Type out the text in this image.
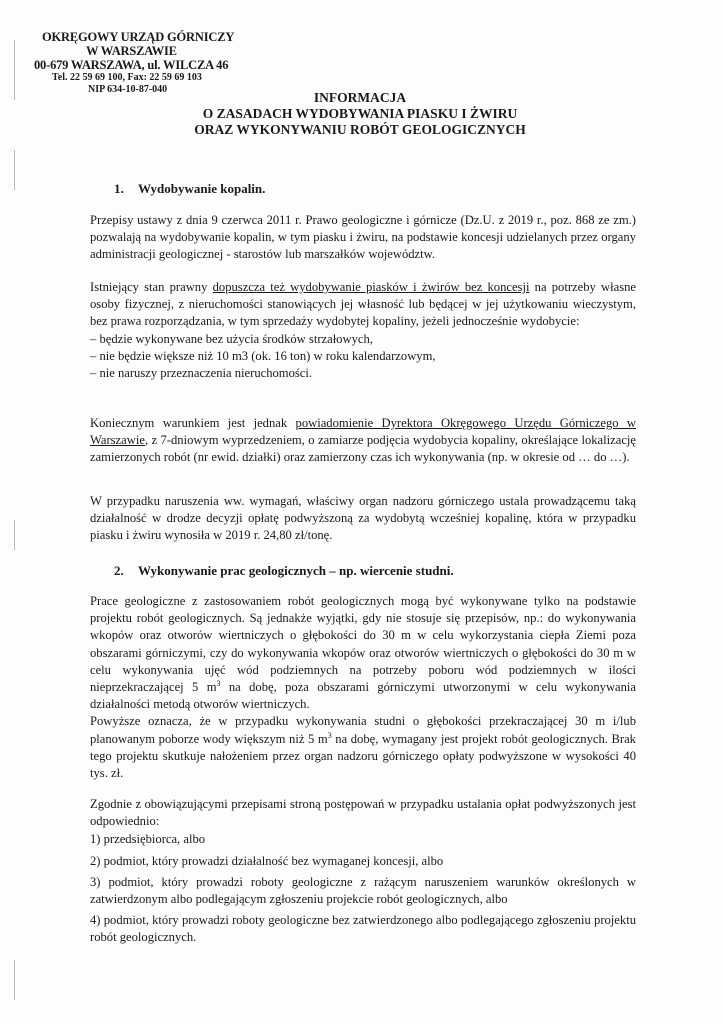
OKRĘGOWY URZĄD GÓRNICZY
W WARSZAWIE
00-679 WARSZAWA, ul. WILCZA 46
Tel. 22 59 69 100, Fax: 22 59 69 103
NIP 634-10-87-040
INFORMACJA
O ZASADACH WYDOBYWANIA PIASKU I ŻWIRU
ORAZ WYKONYWANIU ROBÓT GEOLOGICZNYCH
1. Wydobywanie kopalin.

Przepisy ustawy z dnia 9 czerwca 2011 r. Prawo geologiczne i górnicze (Dz.U. z 2019 r., poz. 868 ze zm.) pozwalają na wydobywanie kopalin, w tym piasku i żwiru, na podstawie koncesji udzielanych przez organy administracji geologicznej - starostów lub marszałków województw.

Istniejący stan prawny dopuszcza też wydobywanie piasków i żwirów bez koncesji na potrzeby własne osoby fizycznej, z nieruchomości stanowiących jej własność lub będącej w jej użytkowaniu wieczystym, bez prawa rozporządzania, w tym sprzedaży wydobytej kopaliny, jeżeli jednocześnie wydobycie:

– będzie wykonywane bez użycia środków strzałowych,
– nie będzie większe niż 10 m3 (ok. 16 ton) w roku kalendarzowym,
– nie naruszy przeznaczenia nieruchomości.

Koniecznym warunkiem jest jednak powiadomienie Dyrektora Okręgowego Urzędu Górniczego w Warszawie, z 7-dniowym wyprzedzeniem, o zamiarze podjęcia wydobycia kopaliny, określające lokalizację zamierzonych robót (nr ewid. działki) oraz zamierzony czas ich wykonywania (np. w okresie od … do …).

W przypadku naruszenia ww. wymagań, właściwy organ nadzoru górniczego ustala prowadzącemu taką działalność w drodze decyzji opłatę podwyższoną za wydobytą wcześniej kopalinę, która w przypadku piasku i żwiru wynosiła w 2019 r. 24,80 zł/tonę.

2. Wykonywanie prac geologicznych – np. wiercenie studni.

Prace geologiczne z zastosowaniem robót geologicznych mogą być wykonywane tylko na podstawie projektu robót geologicznych. Są jednakże wyjątki, gdy nie stosuje się przepisów, np.: do wykonywania wkopów oraz otworów wiertniczych o głębokości do 30 m w celu wykorzystania ciepła Ziemi poza obszarami górniczymi, czy do wykonywania wkopów oraz otworów wiertniczych o głębokości do 30 m w celu wykonywania ujęć wód podziemnych na potrzeby poboru wód podziemnych w ilości nieprzekraczającej 5 $m^3$ na dobę, poza obszarami górniczymi utworzonymi w celu wykonywania działalności metodą otworów wiertniczych.

Powyższe oznacza, że w przypadku wykonywania studni o głębokości przekraczającej 30 m i/lub planowanym poborze wody większym niż 5 $m^3$ na dobę, wymagany jest projekt robót geologicznych. Brak tego projektu skutkuje nałożeniem przez organ nadzoru górniczego opłaty podwyższone w wysokości 40 tys. zł.

Zgodnie z obowiązującymi przepisami stroną postępowań w przypadku ustalania opłat podwyższonych jest odpowiedniο:

1) przedsiębiorca, albo
2) podmiot, który prowadzi działalność bez wymaganej koncesji, albo

3) podmiot, który prowadzi roboty geologiczne z rażącym naruszeniem warunków określonych w zatwierdzonym albo podlegającym zgłoszeniu projekcie robót geologicznych, albo

4) podmiot, który prowadzi roboty geologiczne bez zatwierdzonego albo podlegającego zgłoszeniu projektu robót geologicznych.
